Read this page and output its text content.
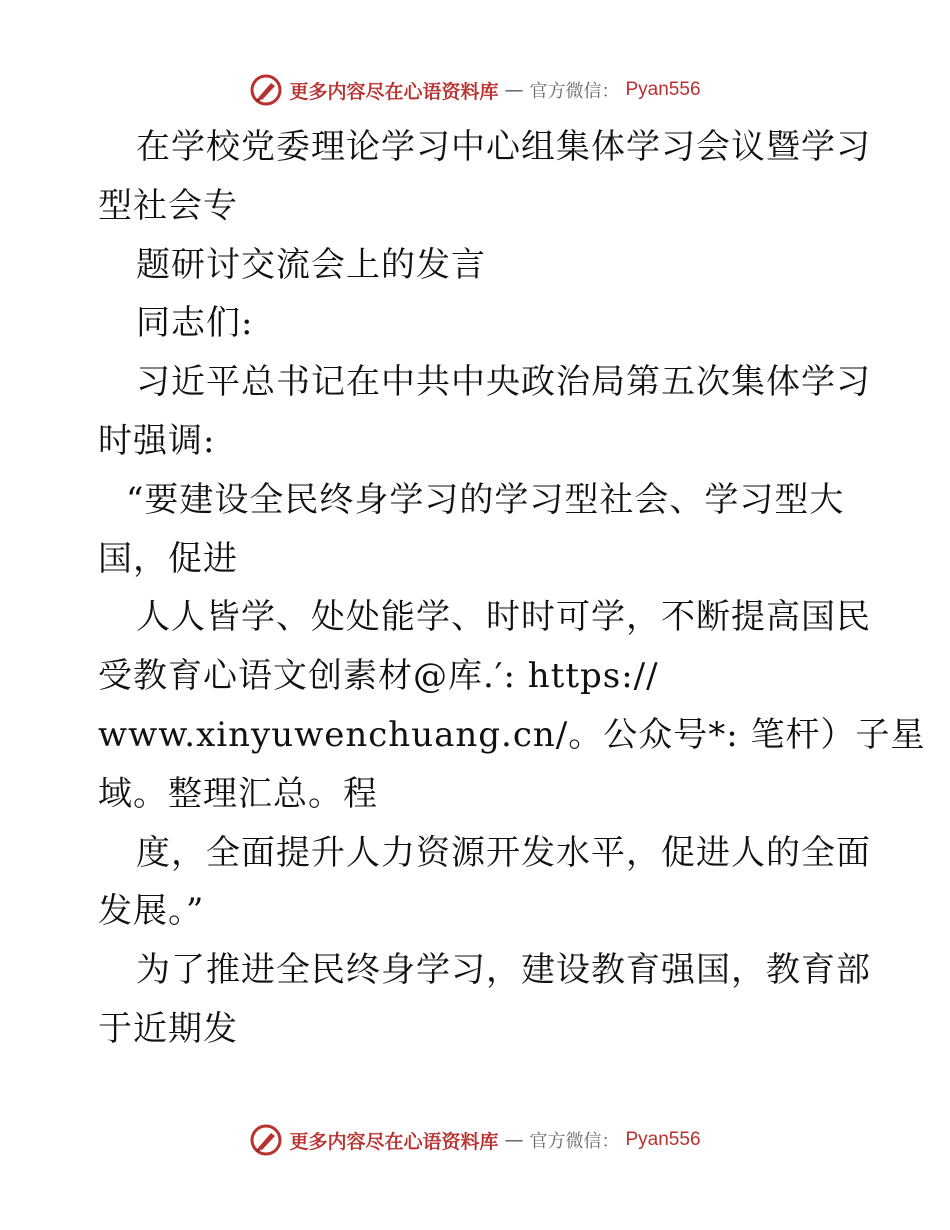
更多内容尽在心语资料库 — 官方微信： Pyan556
在学校党委理论学习中心组集体学习会议暨学习
型社会专
题研讨交流会上的发言
同志们:
习近平总书记在中共中央政治局第五次集体学习
时强调:
“要建设全民终身学习的学习型社会、学习型大
国，促进
人人皆学、处处能学、时时可学，不断提高国民
受教育心语文创素材@库.′: https://
www.xinyuwenchuang.cn/。公众号*: 笔杆）子星
域。整理汇总。程
度，全面提升人力资源开发水平，促进人的全面
发展。”
为了推进全民终身学习，建设教育强国，教育部
于近期发
更多内容尽在心语资料库 — 官方微信： Pyan556
